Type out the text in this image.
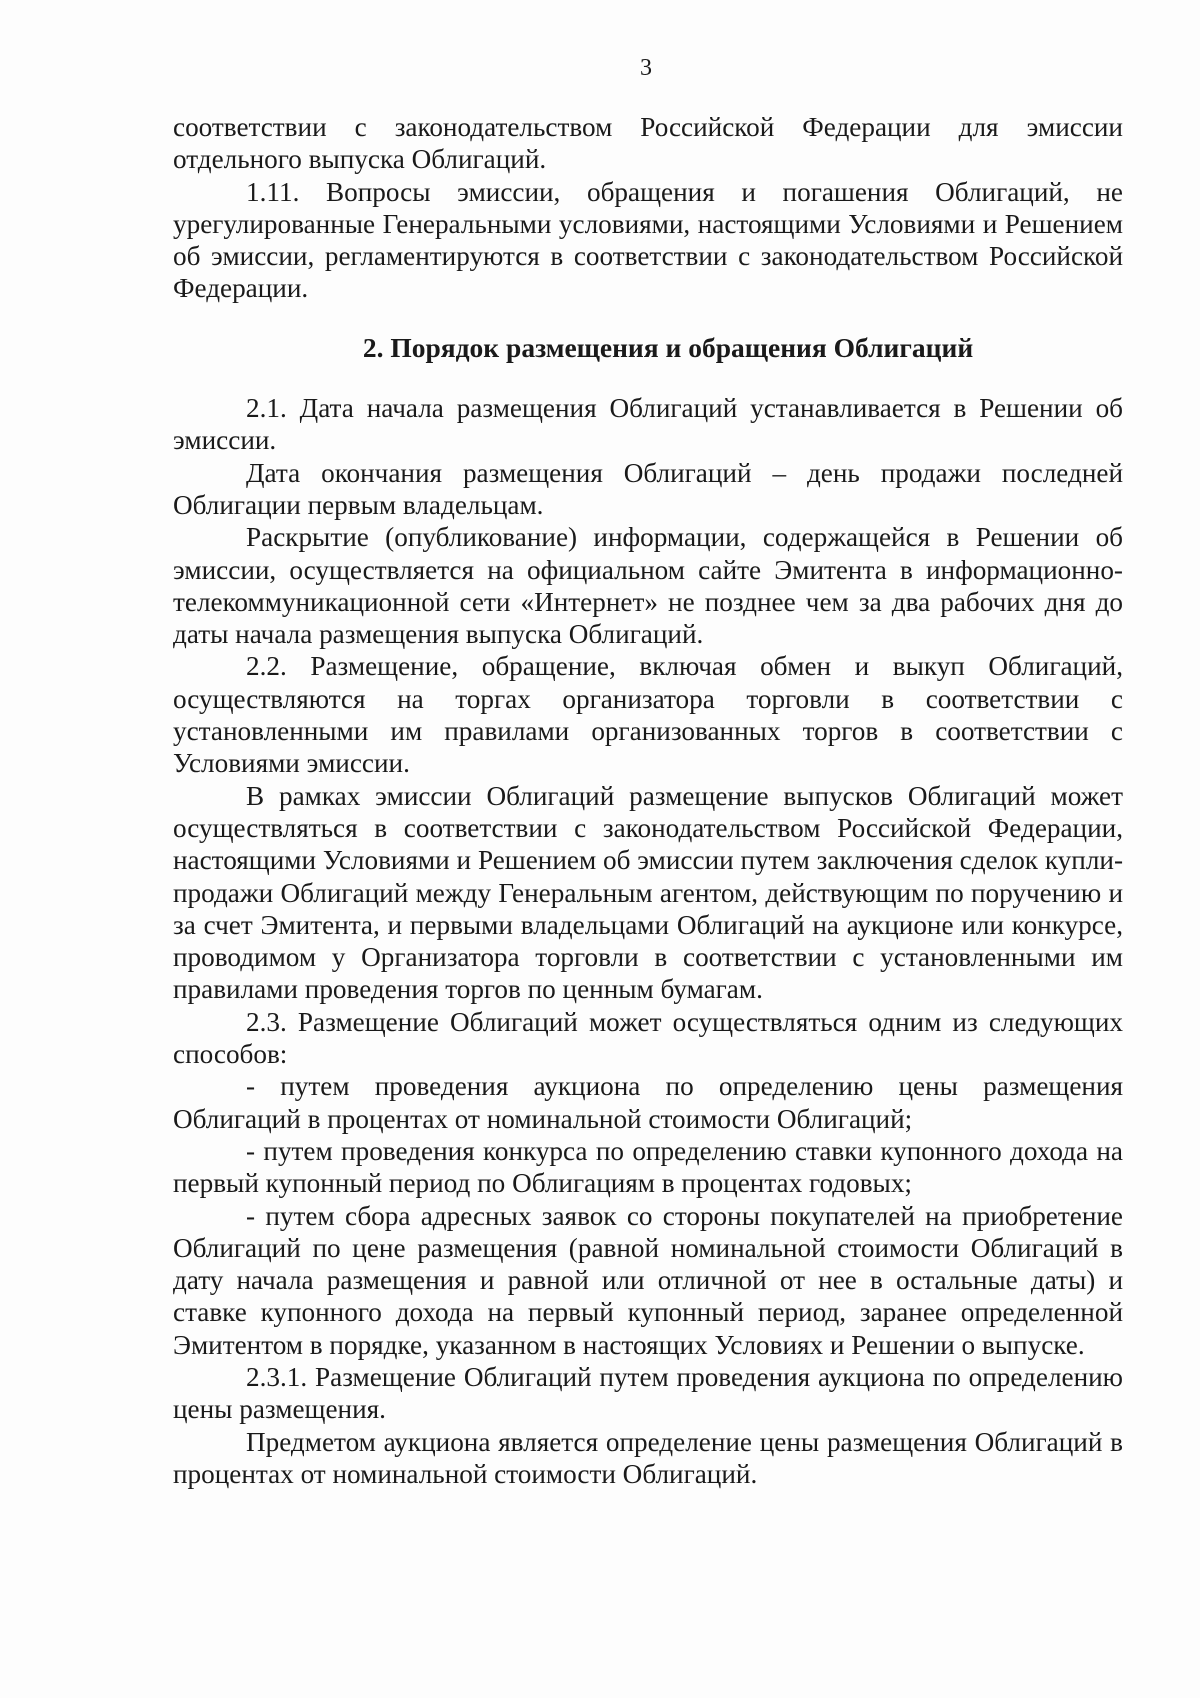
3

соответствии с законодательством Российской Федерации для эмиссии отдельного выпуска Облигаций.

1.11. Вопросы эмиссии, обращения и погашения Облигаций, не урегулированные Генеральными условиями, настоящими Условиями и Решением об эмиссии, регламентируются в соответствии с законодательством Российской Федерации.

2. Порядок размещения и обращения Облигаций

2.1. Дата начала размещения Облигаций устанавливается в Решении об эмиссии.

Дата окончания размещения Облигаций – день продажи последней Облигации первым владельцам.

Раскрытие (опубликование) информации, содержащейся в Решении об эмиссии, осуществляется на официальном сайте Эмитента в информационно-телекоммуникационной сети «Интернет» не позднее чем за два рабочих дня до даты начала размещения выпуска Облигаций.

2.2. Размещение, обращение, включая обмен и выкуп Облигаций, осуществляются на торгах организатора торговли в соответствии с установленными им правилами организованных торгов в соответствии с Условиями эмиссии.

В рамках эмиссии Облигаций размещение выпусков Облигаций может осуществляться в соответствии с законодательством Российской Федерации, настоящими Условиями и Решением об эмиссии путем заключения сделок купли-продажи Облигаций между Генеральным агентом, действующим по поручению и за счет Эмитента, и первыми владельцами Облигаций на аукционе или конкурсе, проводимом у Организатора торговли в соответствии с установленными им правилами проведения торгов по ценным бумагам.

2.3. Размещение Облигаций может осуществляться одним из следующих способов:

- путем проведения аукциона по определению цены размещения Облигаций в процентах от номинальной стоимости Облигаций;

- путем проведения конкурса по определению ставки купонного дохода на первый купонный период по Облигациям в процентах годовых;

- путем сбора адресных заявок со стороны покупателей на приобретение Облигаций по цене размещения (равной номинальной стоимости Облигаций в дату начала размещения и равной или отличной от нее в остальные даты) и ставке купонного дохода на первый купонный период, заранее определенной Эмитентом в порядке, указанном в настоящих Условиях и Решении о выпуске.

2.3.1. Размещение Облигаций путем проведения аукциона по определению цены размещения.

Предметом аукциона является определение цены размещения Облигаций в процентах от номинальной стоимости Облигаций.
